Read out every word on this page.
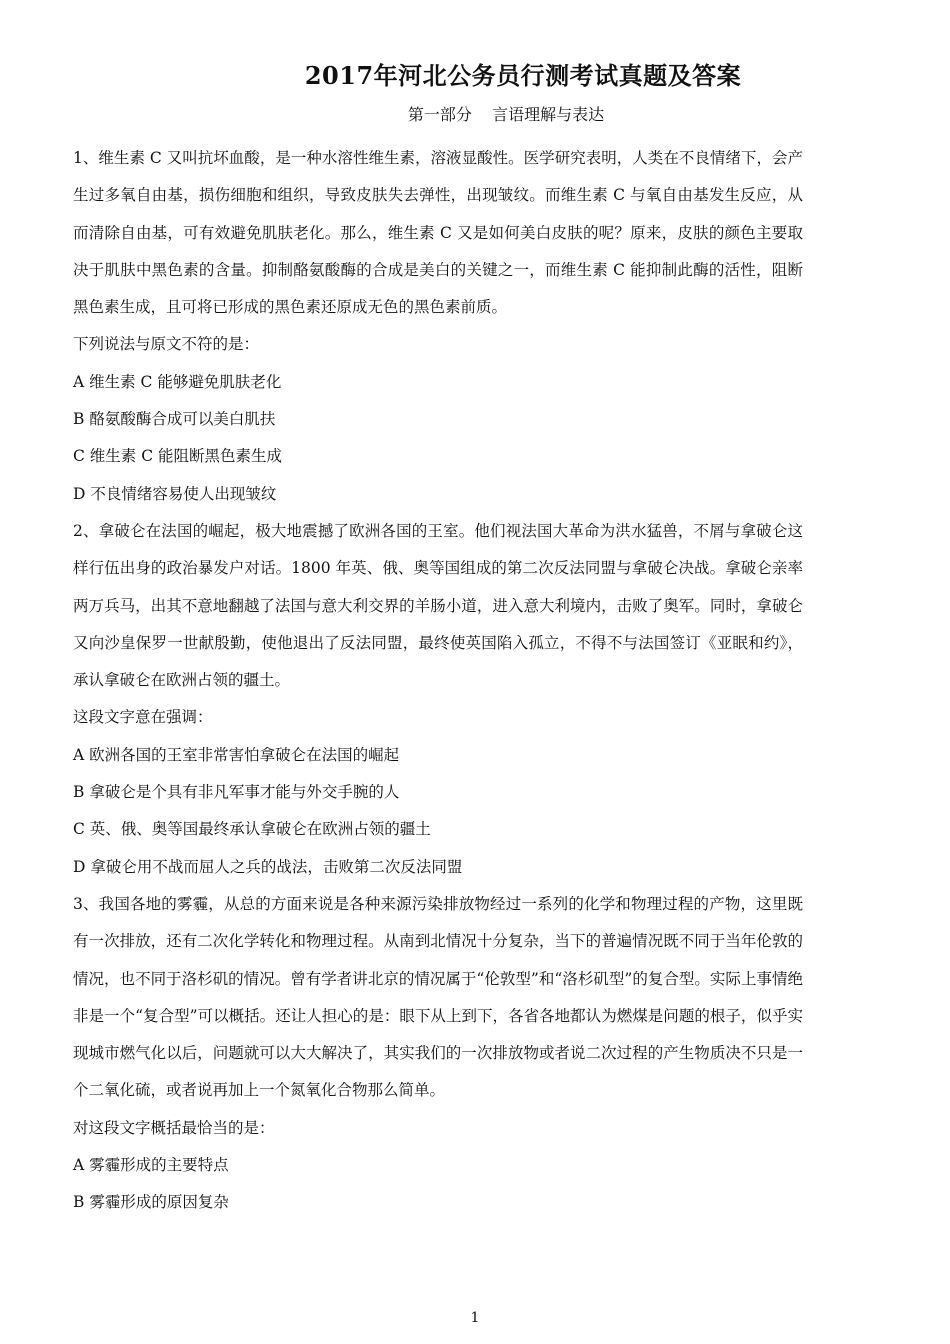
2017年河北公务员行测考试真题及答案

第一部分    言语理解与表达

1、维生素 C 又叫抗坏血酸，是一种水溶性维生素，溶液显酸性。医学研究表明，人类在不良情绪下，会产生过多氧自由基，损伤细胞和组织，导致皮肤失去弹性，出现皱纹。而维生素 C 与氧自由基发生反应，从而清除自由基，可有效避免肌肤老化。那么，维生素 C 又是如何美白皮肤的呢？原来，皮肤的颜色主要取决于肌肤中黑色素的含量。抑制酪氨酸酶的合成是美白的关键之一，而维生素 C 能抑制此酶的活性，阻断黑色素生成，且可将已形成的黑色素还原成无色的黑色素前质。

下列说法与原文不符的是：

A 维生素 C 能够避免肌肤老化

B 酪氨酸酶合成可以美白肌扶

C 维生素 C 能阻断黑色素生成

D 不良情绪容易使人出现皱纹

2、拿破仑在法国的崛起，极大地震撼了欧洲各国的王室。他们视法国大革命为洪水猛兽，不屑与拿破仑这样行伍出身的政治暴发户对话。1800 年英、俄、奥等国组成的第二次反法同盟与拿破仑决战。拿破仑亲率两万兵马，出其不意地翻越了法国与意大利交界的羊肠小道，进入意大利境内，击败了奥军。同时，拿破仑又向沙皇保罗一世献殷勤，使他退出了反法同盟，最终使英国陷入孤立，不得不与法国签订《亚眠和约》，承认拿破仑在欧洲占领的疆土。

这段文字意在强调：

A 欧洲各国的王室非常害怕拿破仑在法国的崛起

B 拿破仑是个具有非凡军事才能与外交手腕的人

C 英、俄、奥等国最终承认拿破仑在欧洲占领的疆土

D 拿破仑用不战而屈人之兵的战法，击败第二次反法同盟

3、我国各地的雾霾，从总的方面来说是各种来源污染排放物经过一系列的化学和物理过程的产物，这里既有一次排放，还有二次化学转化和物理过程。从南到北情况十分复杂，当下的普遍情况既不同于当年伦敦的情况，也不同于洛杉矶的情况。曾有学者讲北京的情况属于“伦敦型”和“洛杉矶型”的复合型。实际上事情绝非是一个“复合型”可以概括。还让人担心的是：眼下从上到下，各省各地都认为燃煤是问题的根子，似乎实现城市燃气化以后，问题就可以大大解决了，其实我们的一次排放物或者说二次过程的产生物质决不只是一个二氧化硫，或者说再加上一个氮氧化合物那么简单。

对这段文字概括最恰当的是：

A 雾霾形成的主要特点

B 雾霾形成的原因复杂

1
